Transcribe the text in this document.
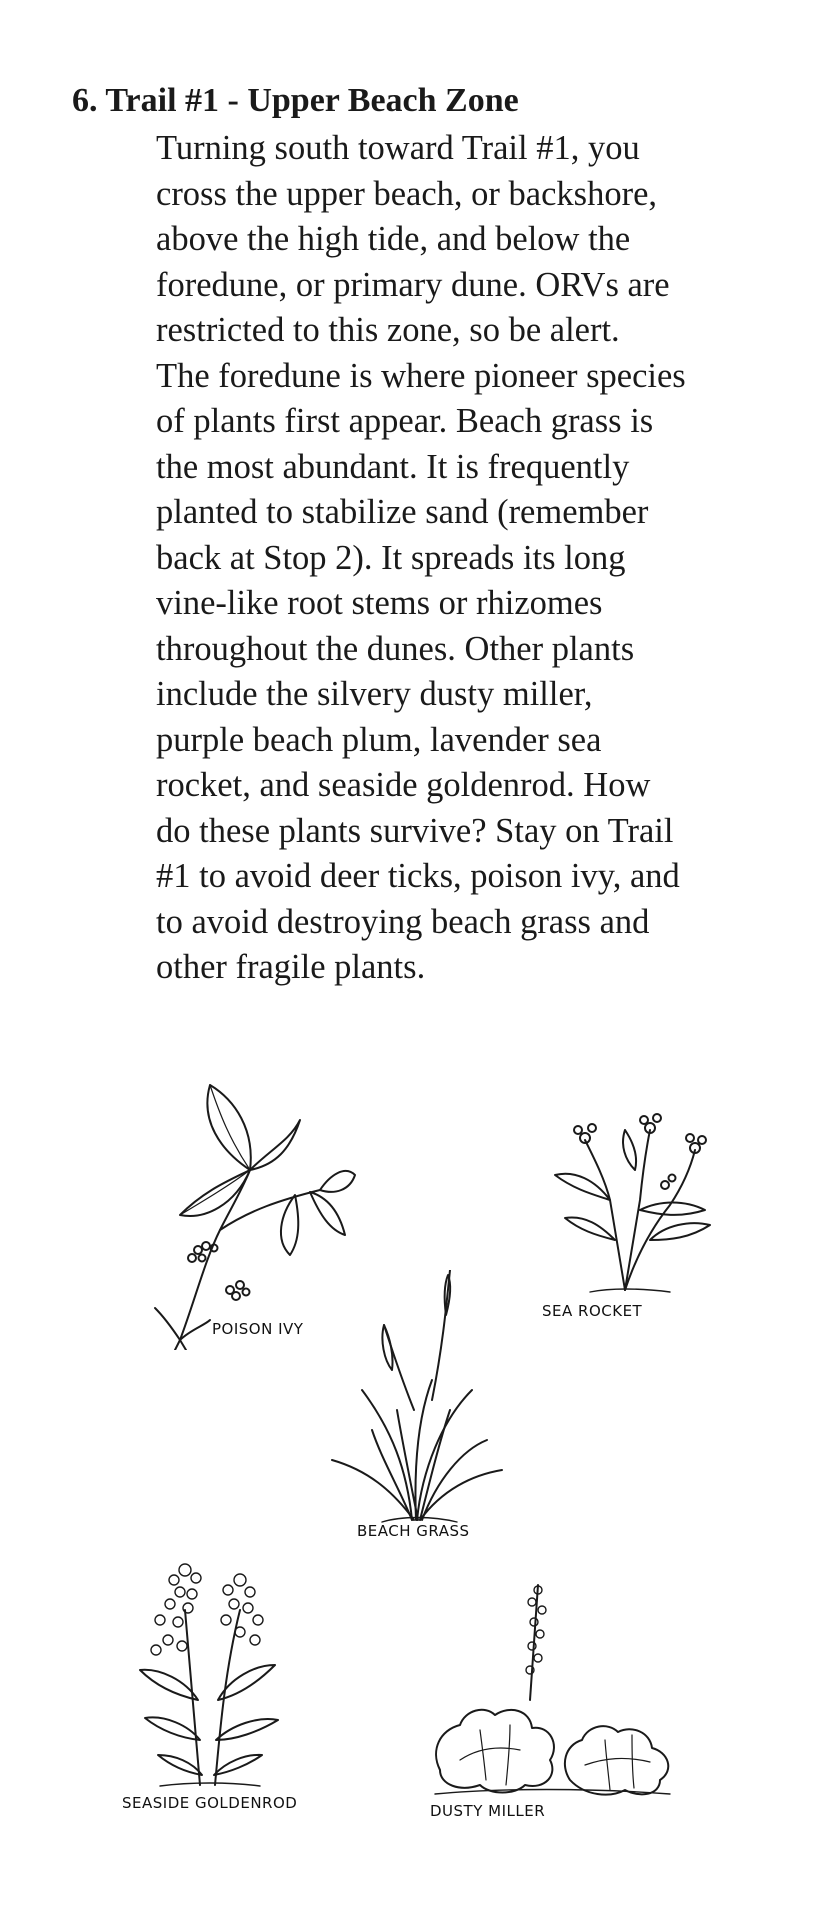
6. Trail #1 - Upper Beach Zone
Turning south toward Trail #1, you
cross the upper beach, or backshore,
above the high tide, and below the
foredune, or primary dune. ORVs are
restricted to this zone, so be alert.
The foredune is where pioneer species
of plants first appear. Beach grass is
the most abundant. It is frequently
planted to stabilize sand (remember
back at Stop 2). It spreads its long
vine-like root stems or rhizomes
throughout the dunes. Other plants
include the silvery dusty miller,
purple beach plum, lavender sea
rocket, and seaside goldenrod. How
do these plants survive? Stay on Trail
#1 to avoid deer ticks, poison ivy, and
to avoid destroying beach grass and
other fragile plants.
POISON IVY
SEA ROCKET
BEACH GRASS
SEASIDE GOLDENROD	DUSTY MILLER
